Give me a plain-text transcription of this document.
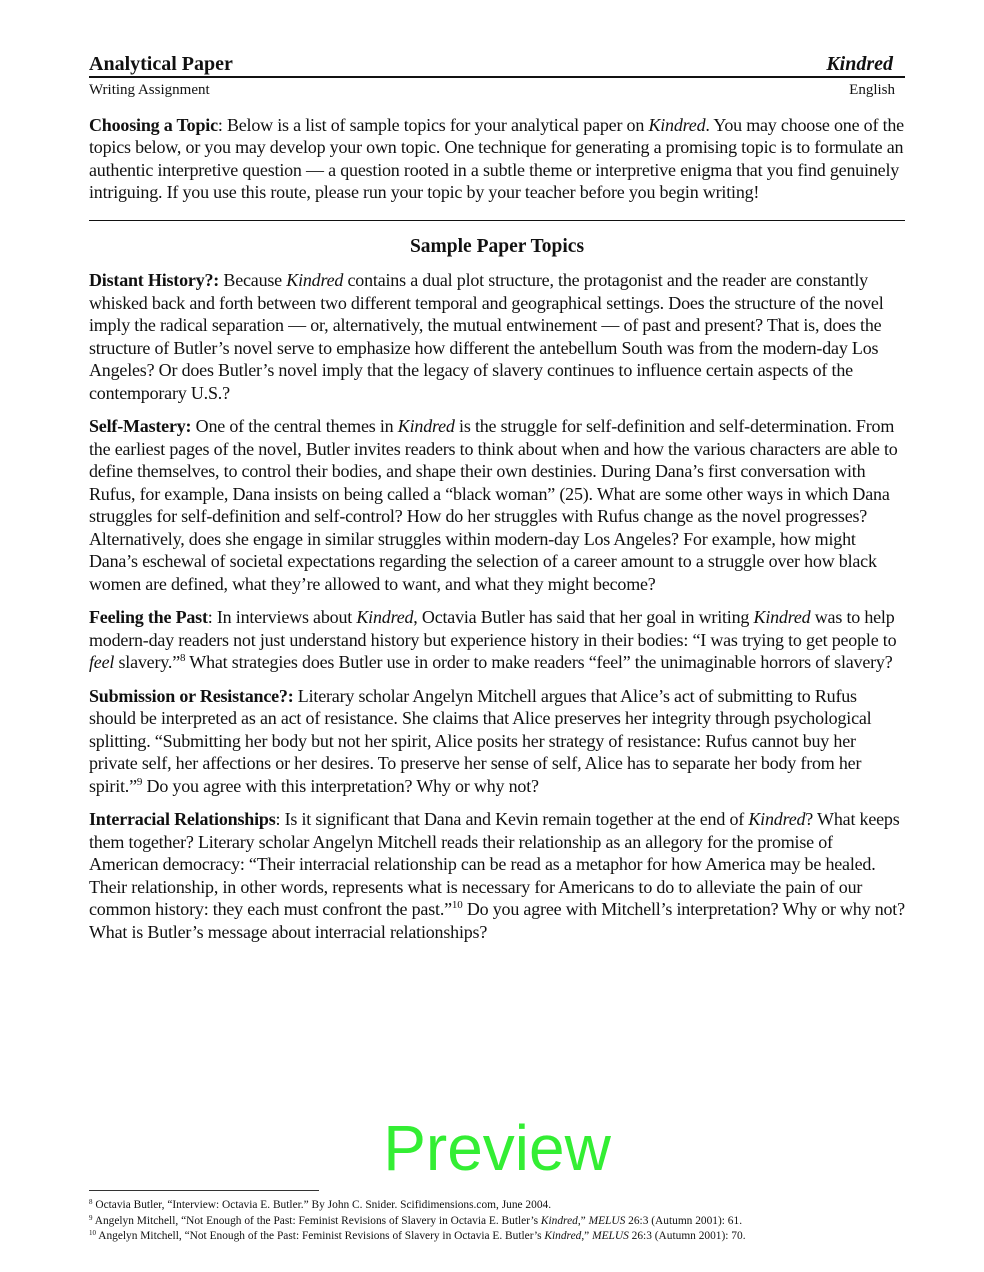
Analytical Paper	Kindred
Writing Assignment	English

Choosing a Topic: Below is a list of sample topics for your analytical paper on Kindred. You may choose one of the topics below, or you may develop your own topic. One technique for generating a promising topic is to formulate an authentic interpretive question — a question rooted in a subtle theme or interpretive enigma that you find genuinely intriguing. If you use this route, please run your topic by your teacher before you begin writing!

Sample Paper Topics

Distant History?: Because Kindred contains a dual plot structure, the protagonist and the reader are constantly whisked back and forth between two different temporal and geographical settings. Does the structure of the novel imply the radical separation — or, alternatively, the mutual entwinement — of past and present? That is, does the structure of Butler’s novel serve to emphasize how different the antebellum South was from the modern-day Los Angeles? Or does Butler’s novel imply that the legacy of slavery continues to influence certain aspects of the contemporary U.S.?

Self-Mastery: One of the central themes in Kindred is the struggle for self-definition and self-determination. From the earliest pages of the novel, Butler invites readers to think about when and how the various characters are able to define themselves, to control their bodies, and shape their own destinies. During Dana’s first conversation with Rufus, for example, Dana insists on being called a “black woman” (25). What are some other ways in which Dana struggles for self-definition and self-control? How do her struggles with Rufus change as the novel progresses? Alternatively, does she engage in similar struggles within modern-day Los Angeles? For example, how might Dana’s eschewal of societal expectations regarding the selection of a career amount to a struggle over how black women are defined, what they’re allowed to want, and what they might become?

Feeling the Past: In interviews about Kindred, Octavia Butler has said that her goal in writing Kindred was to help modern-day readers not just understand history but experience history in their bodies: “I was trying to get people to feel slavery.”$^8$ What strategies does Butler use in order to make readers “feel” the unimaginable horrors of slavery?

Submission or Resistance?: Literary scholar Angelyn Mitchell argues that Alice’s act of submitting to Rufus should be interpreted as an act of resistance. She claims that Alice preserves her integrity through psychological splitting. “Submitting her body but not her spirit, Alice posits her strategy of resistance: Rufus cannot buy her private self, her affections or her desires. To preserve her sense of self, Alice has to separate her body from her spirit.”$^9$ Do you agree with this interpretation? Why or why not?

Interracial Relationships: Is it significant that Dana and Kevin remain together at the end of Kindred? What keeps them together? Literary scholar Angelyn Mitchell reads their relationship as an allegory for the promise of American democracy: “Their interracial relationship can be read as a metaphor for how America may be healed. Their relationship, in other words, represents what is necessary for Americans to do to alleviate the pain of our common history: they each must confront the past.”$^{10}$ Do you agree with Mitchell’s interpretation? Why or why not? What is Butler’s message about interracial relationships?

Preview
$^8$ Octavia Butler, “Interview: Octavia E. Butler.” By John C. Snider. Scifidimensions.com, June 2004.
$^9$ Angelyn Mitchell, “Not Enough of the Past: Feminist Revisions of Slavery in Octavia E. Butler’s Kindred,” MELUS 26:3 (Autumn 2001): 61.
$^{10}$ Angelyn Mitchell, “Not Enough of the Past: Feminist Revisions of Slavery in Octavia E. Butler’s Kindred,” MELUS 26:3 (Autumn 2001): 70.
